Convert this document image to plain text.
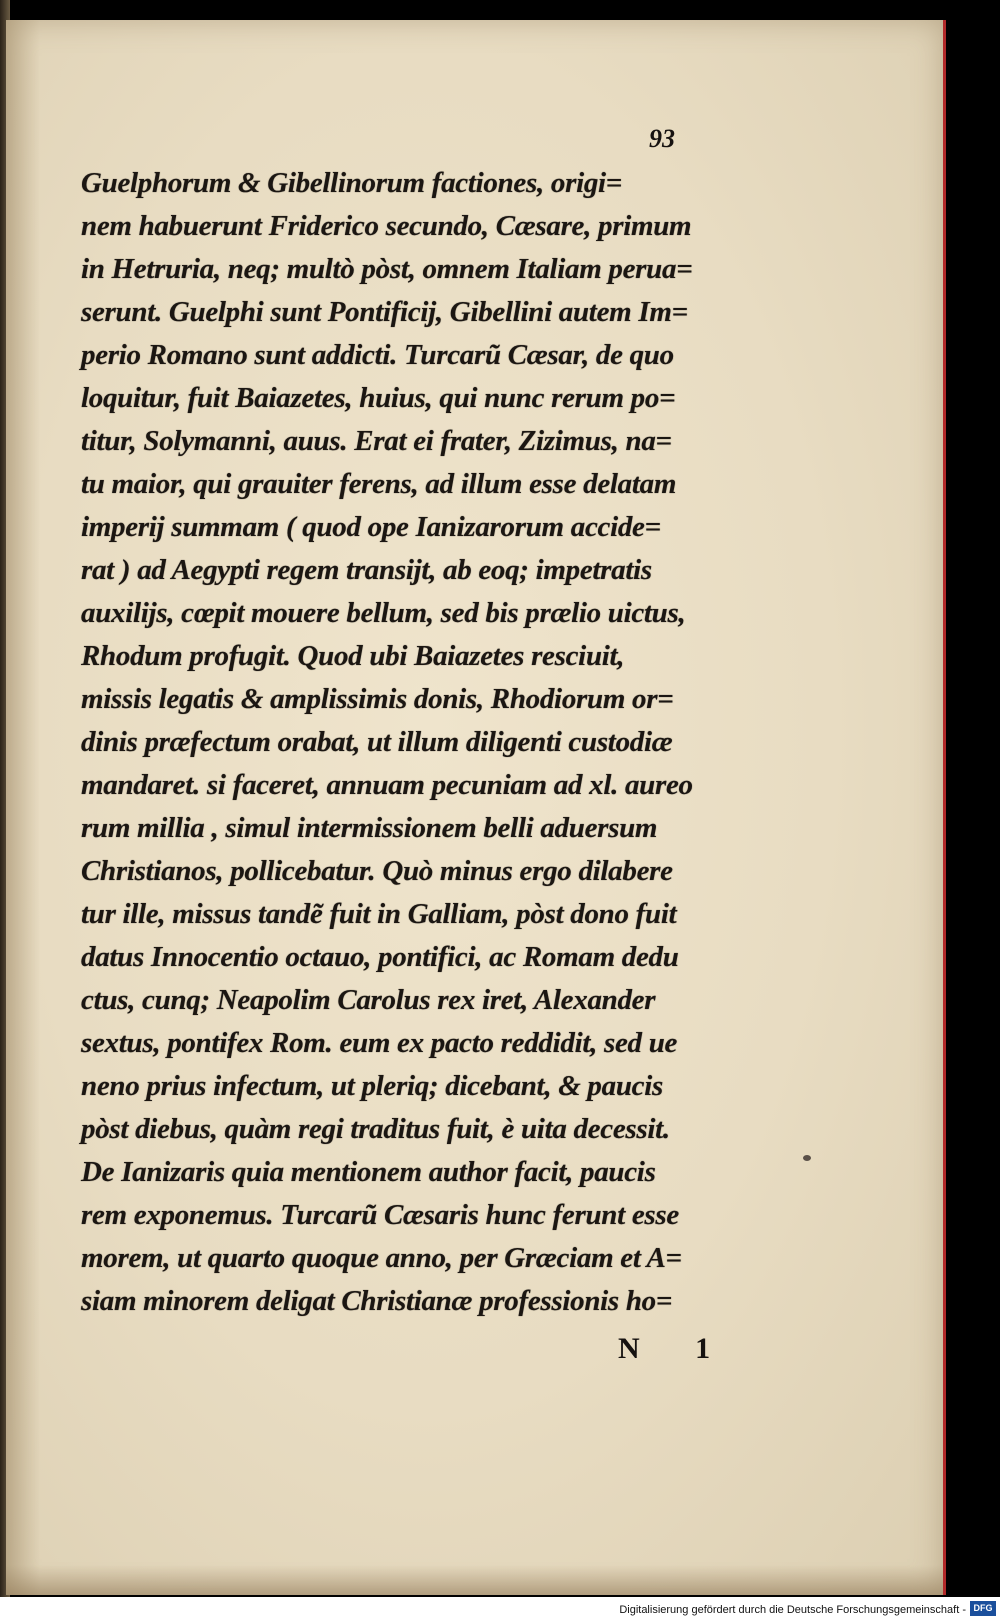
93
Guelphorum & Gibellinorum factiones, origi=
nem habuerunt Friderico secundo, Cæsare, primum
in Hetruria, neq; multò pòst, omnem Italiam perua=
serunt. Guelphi sunt Pontificij, Gibellini autem Im=
perio Romano sunt addicti. Turcarũ Cæsar, de quo
loquitur, fuit Baiazetes, huius, qui nunc rerum po=
titur, Solymanni, auus. Erat ei frater, Zizimus, na=
tu maior, qui grauiter ferens, ad illum esse delatam
imperij summam ( quod ope Ianizarorum accide=
rat ) ad Aegypti regem transijt, ab eoq; impetratis
auxilijs, cœpit mouere bellum, sed bis prælio uictus,
Rhodum profugit. Quod ubi Baiazetes resciuit,
missis legatis & amplissimis donis, Rhodiorum or=
dinis præfectum orabat, ut illum diligenti custodiæ
mandaret. si faceret, annuam pecuniam ad xl. aureo
rum millia , simul intermissionem belli aduersum
Christianos, pollicebatur. Quò minus ergo dilabere
tur ille, missus tandẽ fuit in Galliam, pòst dono fuit
datus Innocentio octauo, pontifici, ac Romam dedu
ctus, cunq; Neapolim Carolus rex iret, Alexander
sextus, pontifex Rom. eum ex pacto reddidit, sed ue
neno prius infectum, ut pleriq; dicebant, & paucis
pòst diebus, quàm regi traditus fuit, è uita decessit.
De Ianizaris quia mentionem author facit, paucis
rem exponemus. Turcarũ Cæsaris hunc ferunt esse
morem, ut quarto quoque anno, per Græciam et A=
siam minorem deligat Christianæ professionis ho=
N 1
Digitalisierung gefördert durch die Deutsche Forschungsgemeinschaft - DFG
